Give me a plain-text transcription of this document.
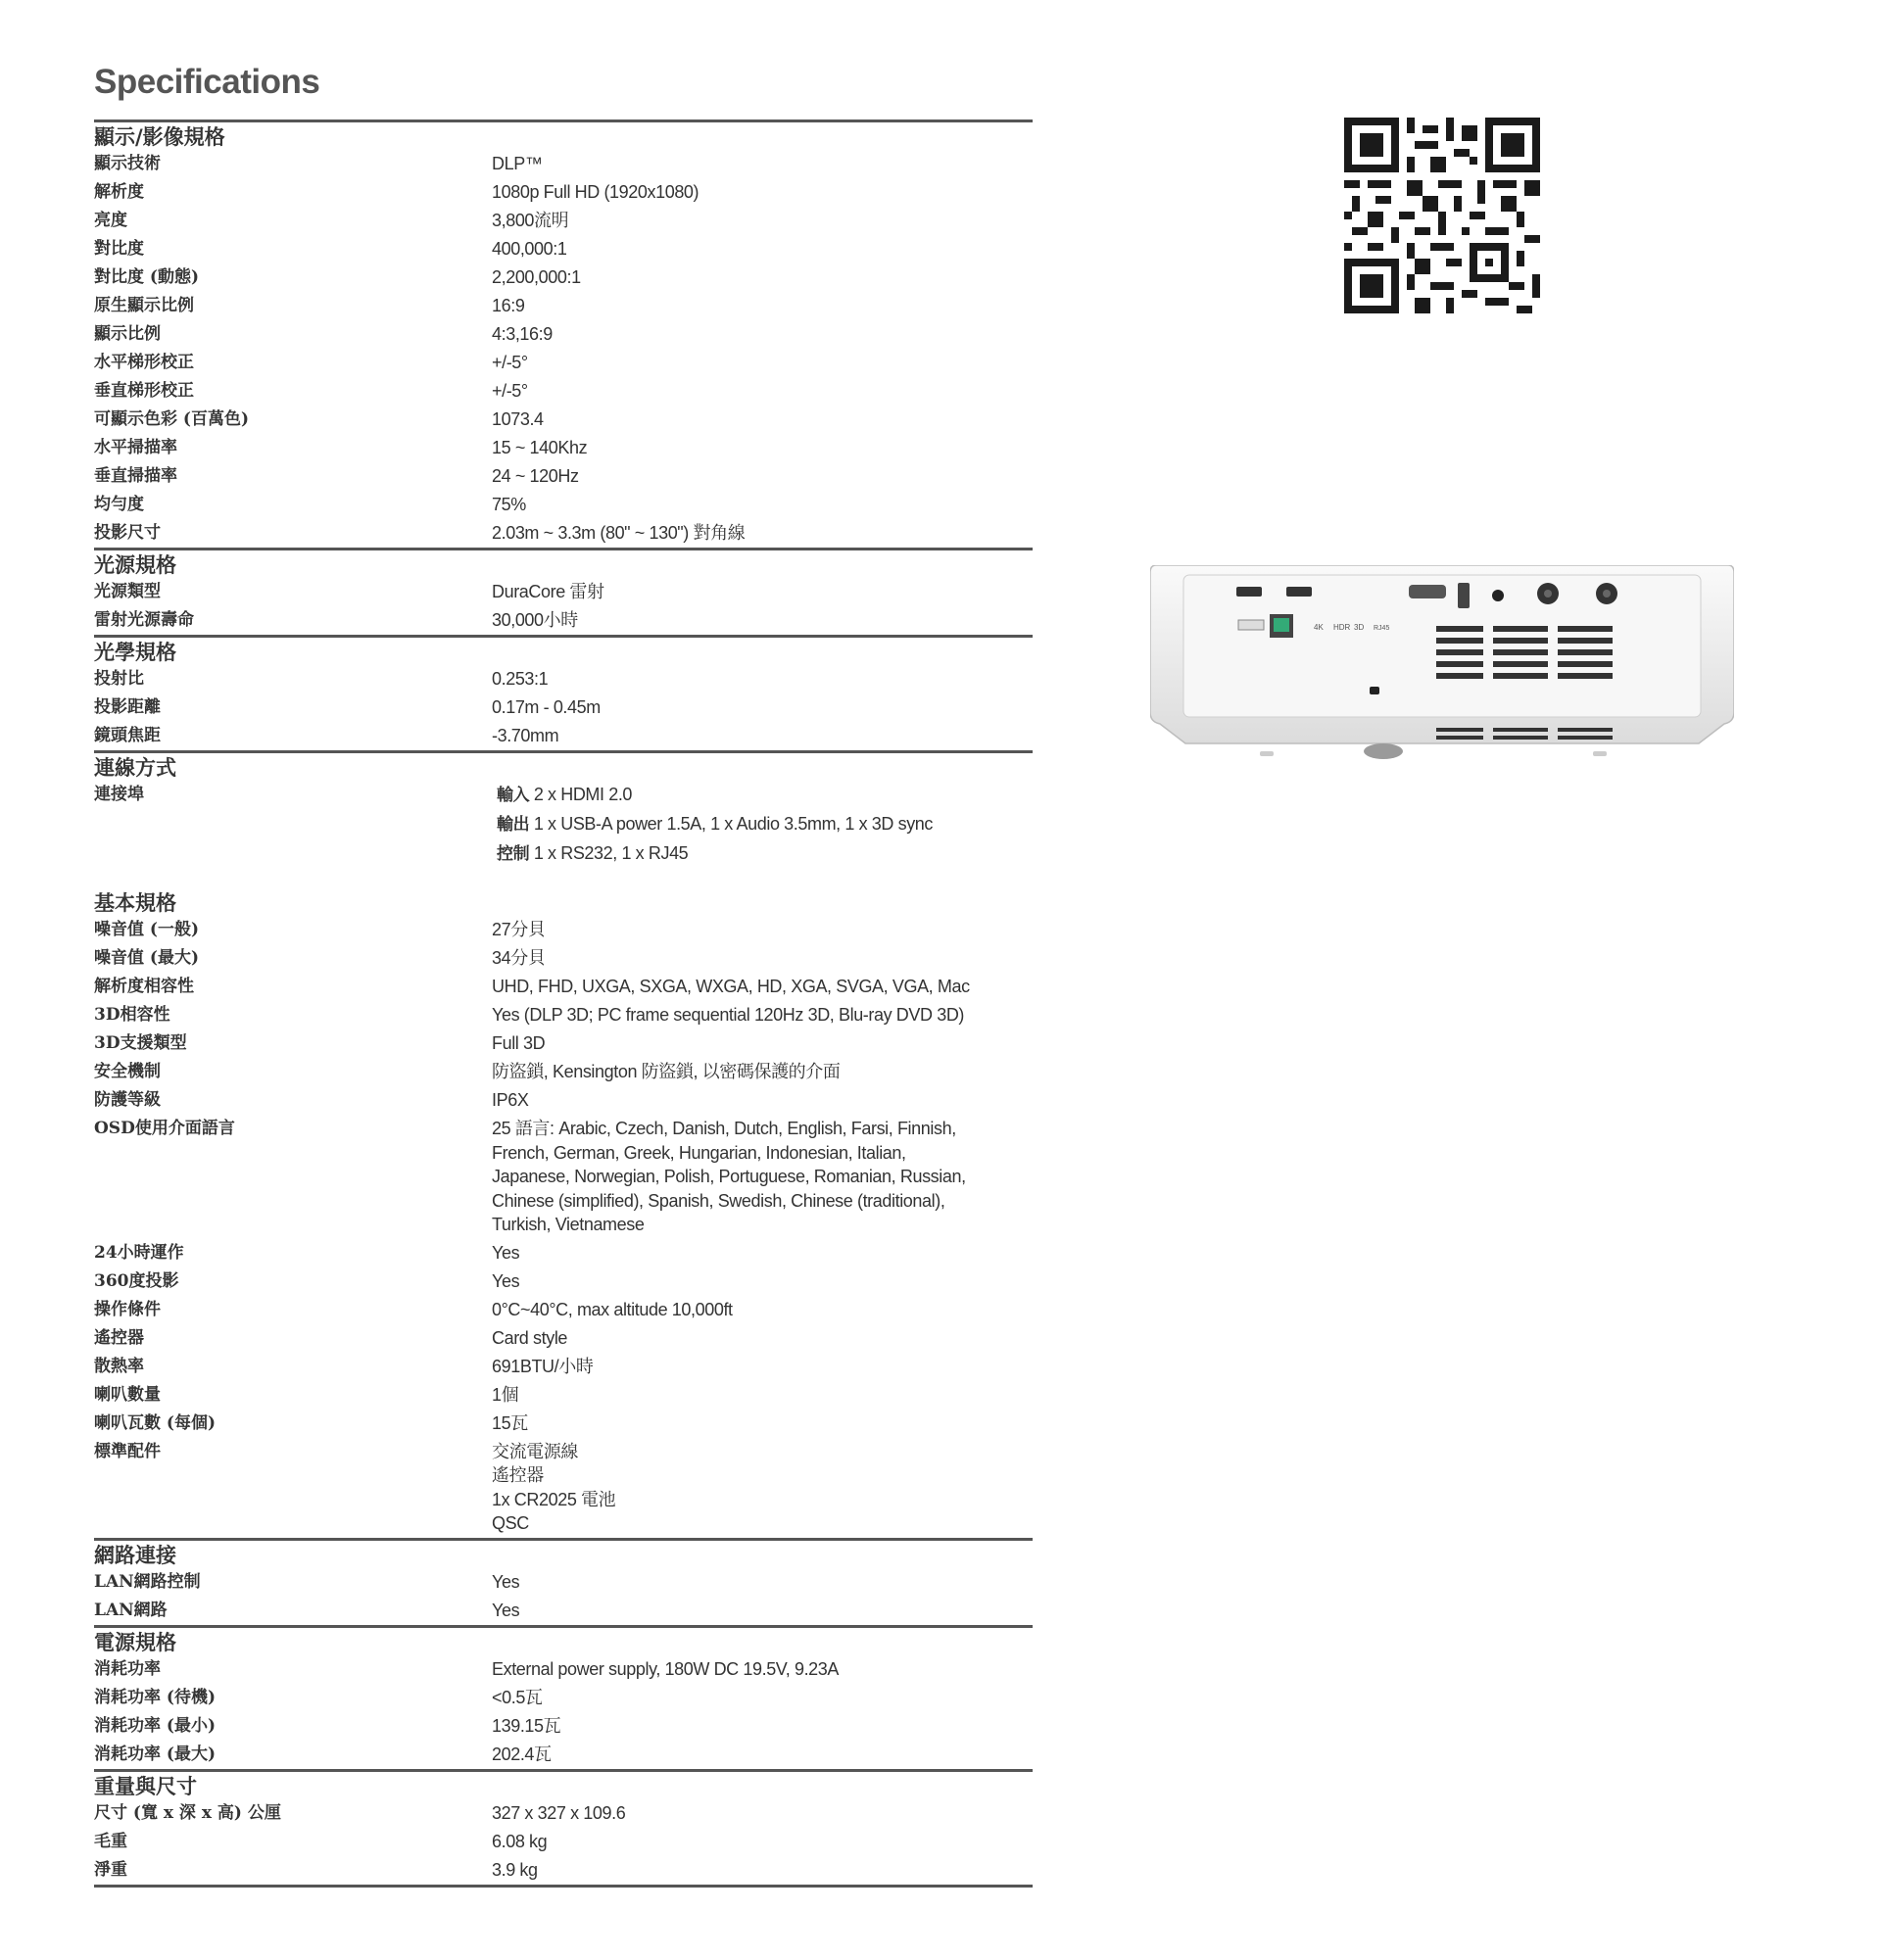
Specifications
顯示/影像規格
顯示技術	DLP™
解析度	1080p Full HD (1920x1080)
亮度	3,800流明
對比度	400,000:1
對比度 (動態)	2,200,000:1
原生顯示比例	16:9
顯示比例	4:3,16:9
水平梯形校正	+/-5°
垂直梯形校正	+/-5°
可顯示色彩 (百萬色)	1073.4
水平掃描率	15 ~ 140Khz
垂直掃描率	24 ~ 120Hz
均勻度	75%
投影尺寸	2.03m ~ 3.3m (80" ~ 130") 對角線
光源規格
光源類型	DuraCore 雷射
雷射光源壽命	30,000小時
光學規格
投射比	0.253:1
投影距離	0.17m - 0.45m
鏡頭焦距	-3.70mm
連線方式
連接埠	輸入 2 x HDMI 2.0
輸出 1 x USB-A power 1.5A, 1 x Audio 3.5mm, 1 x 3D sync
控制 1 x RS232, 1 x RJ45
基本規格
噪音值 (一般)	27分貝
噪音值 (最大)	34分貝
解析度相容性	UHD, FHD, UXGA, SXGA, WXGA, HD, XGA, SVGA, VGA, Mac
3D相容性	Yes (DLP 3D; PC frame sequential 120Hz 3D, Blu-ray DVD 3D)
3D支援類型	Full 3D
安全機制	防盜鎖, Kensington 防盜鎖, 以密碼保護的介面
防護等級	IP6X
OSD使用介面語言	25 語言: Arabic, Czech, Danish, Dutch, English, Farsi, Finnish,
French, German, Greek, Hungarian, Indonesian, Italian,
Japanese, Norwegian, Polish, Portuguese, Romanian, Russian,
Chinese (simplified), Spanish, Swedish, Chinese (traditional),
Turkish, Vietnamese
24小時運作	Yes
360度投影	Yes
操作條件	0°C~40°C, max altitude 10,000ft
遙控器	Card style
散熱率	691BTU/小時
喇叭數量	1個
喇叭瓦數 (每個)	15瓦
標準配件	交流電源線
遙控器
1x CR2025 電池
QSC
網路連接
LAN網路控制	Yes
LAN網路	Yes
電源規格
消耗功率	External power supply, 180W DC 19.5V, 9.23A
消耗功率 (待機)	<0.5瓦
消耗功率 (最小)	139.15瓦
消耗功率 (最大)	202.4瓦
重量與尺寸
尺寸 (寬 x 深 x 高) 公厘	327 x 327 x 109.6
毛重	6.08 kg
淨重	3.9 kg
4K HDR 3D RJ45
